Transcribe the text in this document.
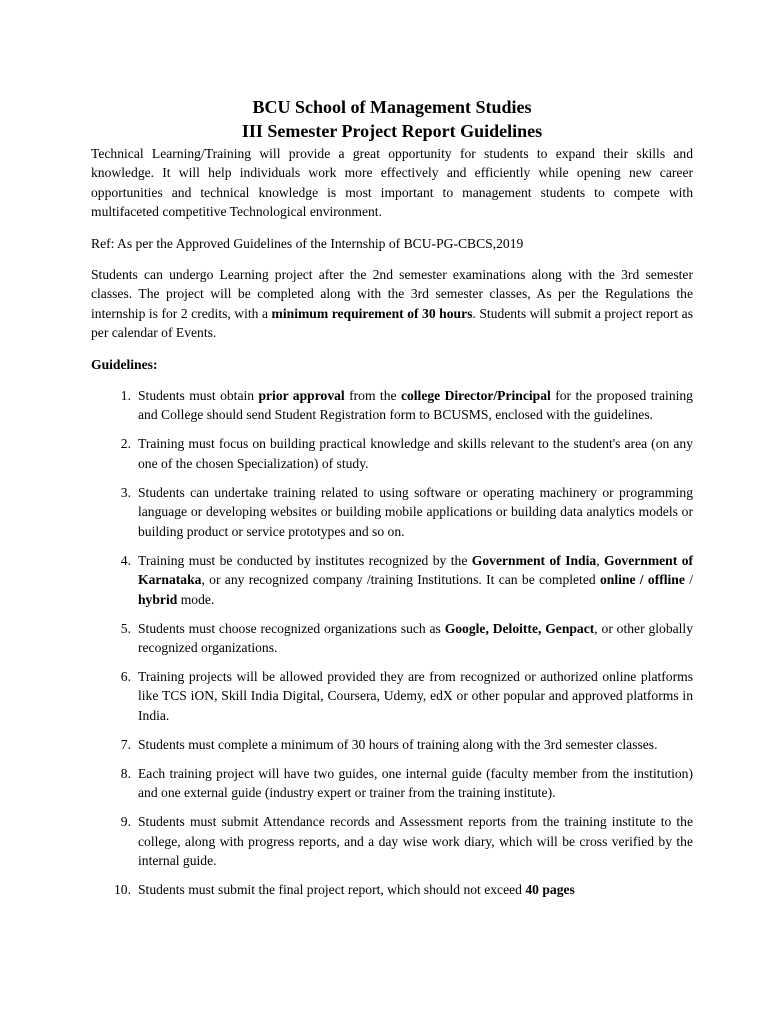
BCU School of Management Studies
III Semester Project Report Guidelines

Technical Learning/Training will provide a great opportunity for students to expand their skills and knowledge. It will help individuals work more effectively and efficiently while opening new career opportunities and technical knowledge is most important to management students to compete with multifaceted competitive Technological environment.

Ref: As per the Approved Guidelines of the Internship of BCU-PG-CBCS,2019

Students can undergo Learning project after the 2nd semester examinations along with the 3rd semester classes. The project will be completed along with the 3rd semester classes, As per the Regulations the internship is for 2 credits, with a minimum requirement of 30 hours. Students will submit a project report as per calendar of Events.

Guidelines:
1. Students must obtain prior approval from the college Director/Principal for the proposed training and College should send Student Registration form to BCUSMS, enclosed with the guidelines.
2. Training must focus on building practical knowledge and skills relevant to the student's area (on any one of the chosen Specialization) of study.
3. Students can undertake training related to using software or operating machinery or programming language or developing websites or building mobile applications or building data analytics models or building product or service prototypes and so on.
4. Training must be conducted by institutes recognized by the Government of India, Government of Karnataka, or any recognized company /training Institutions. It can be completed online / offline / hybrid mode.
5. Students must choose recognized organizations such as Google, Deloitte, Genpact, or other globally recognized organizations.
6. Training projects will be allowed provided they are from recognized or authorized online platforms like TCS iON, Skill India Digital, Coursera, Udemy, edX or other popular and approved platforms in India.
7. Students must complete a minimum of 30 hours of training along with the 3rd semester classes.
8. Each training project will have two guides, one internal guide (faculty member from the institution) and one external guide (industry expert or trainer from the training institute).
9. Students must submit Attendance records and Assessment reports from the training institute to the college, along with progress reports, and a day wise work diary, which will be cross verified by the internal guide.
10. Students must submit the final project report, which should not exceed 40 pages
